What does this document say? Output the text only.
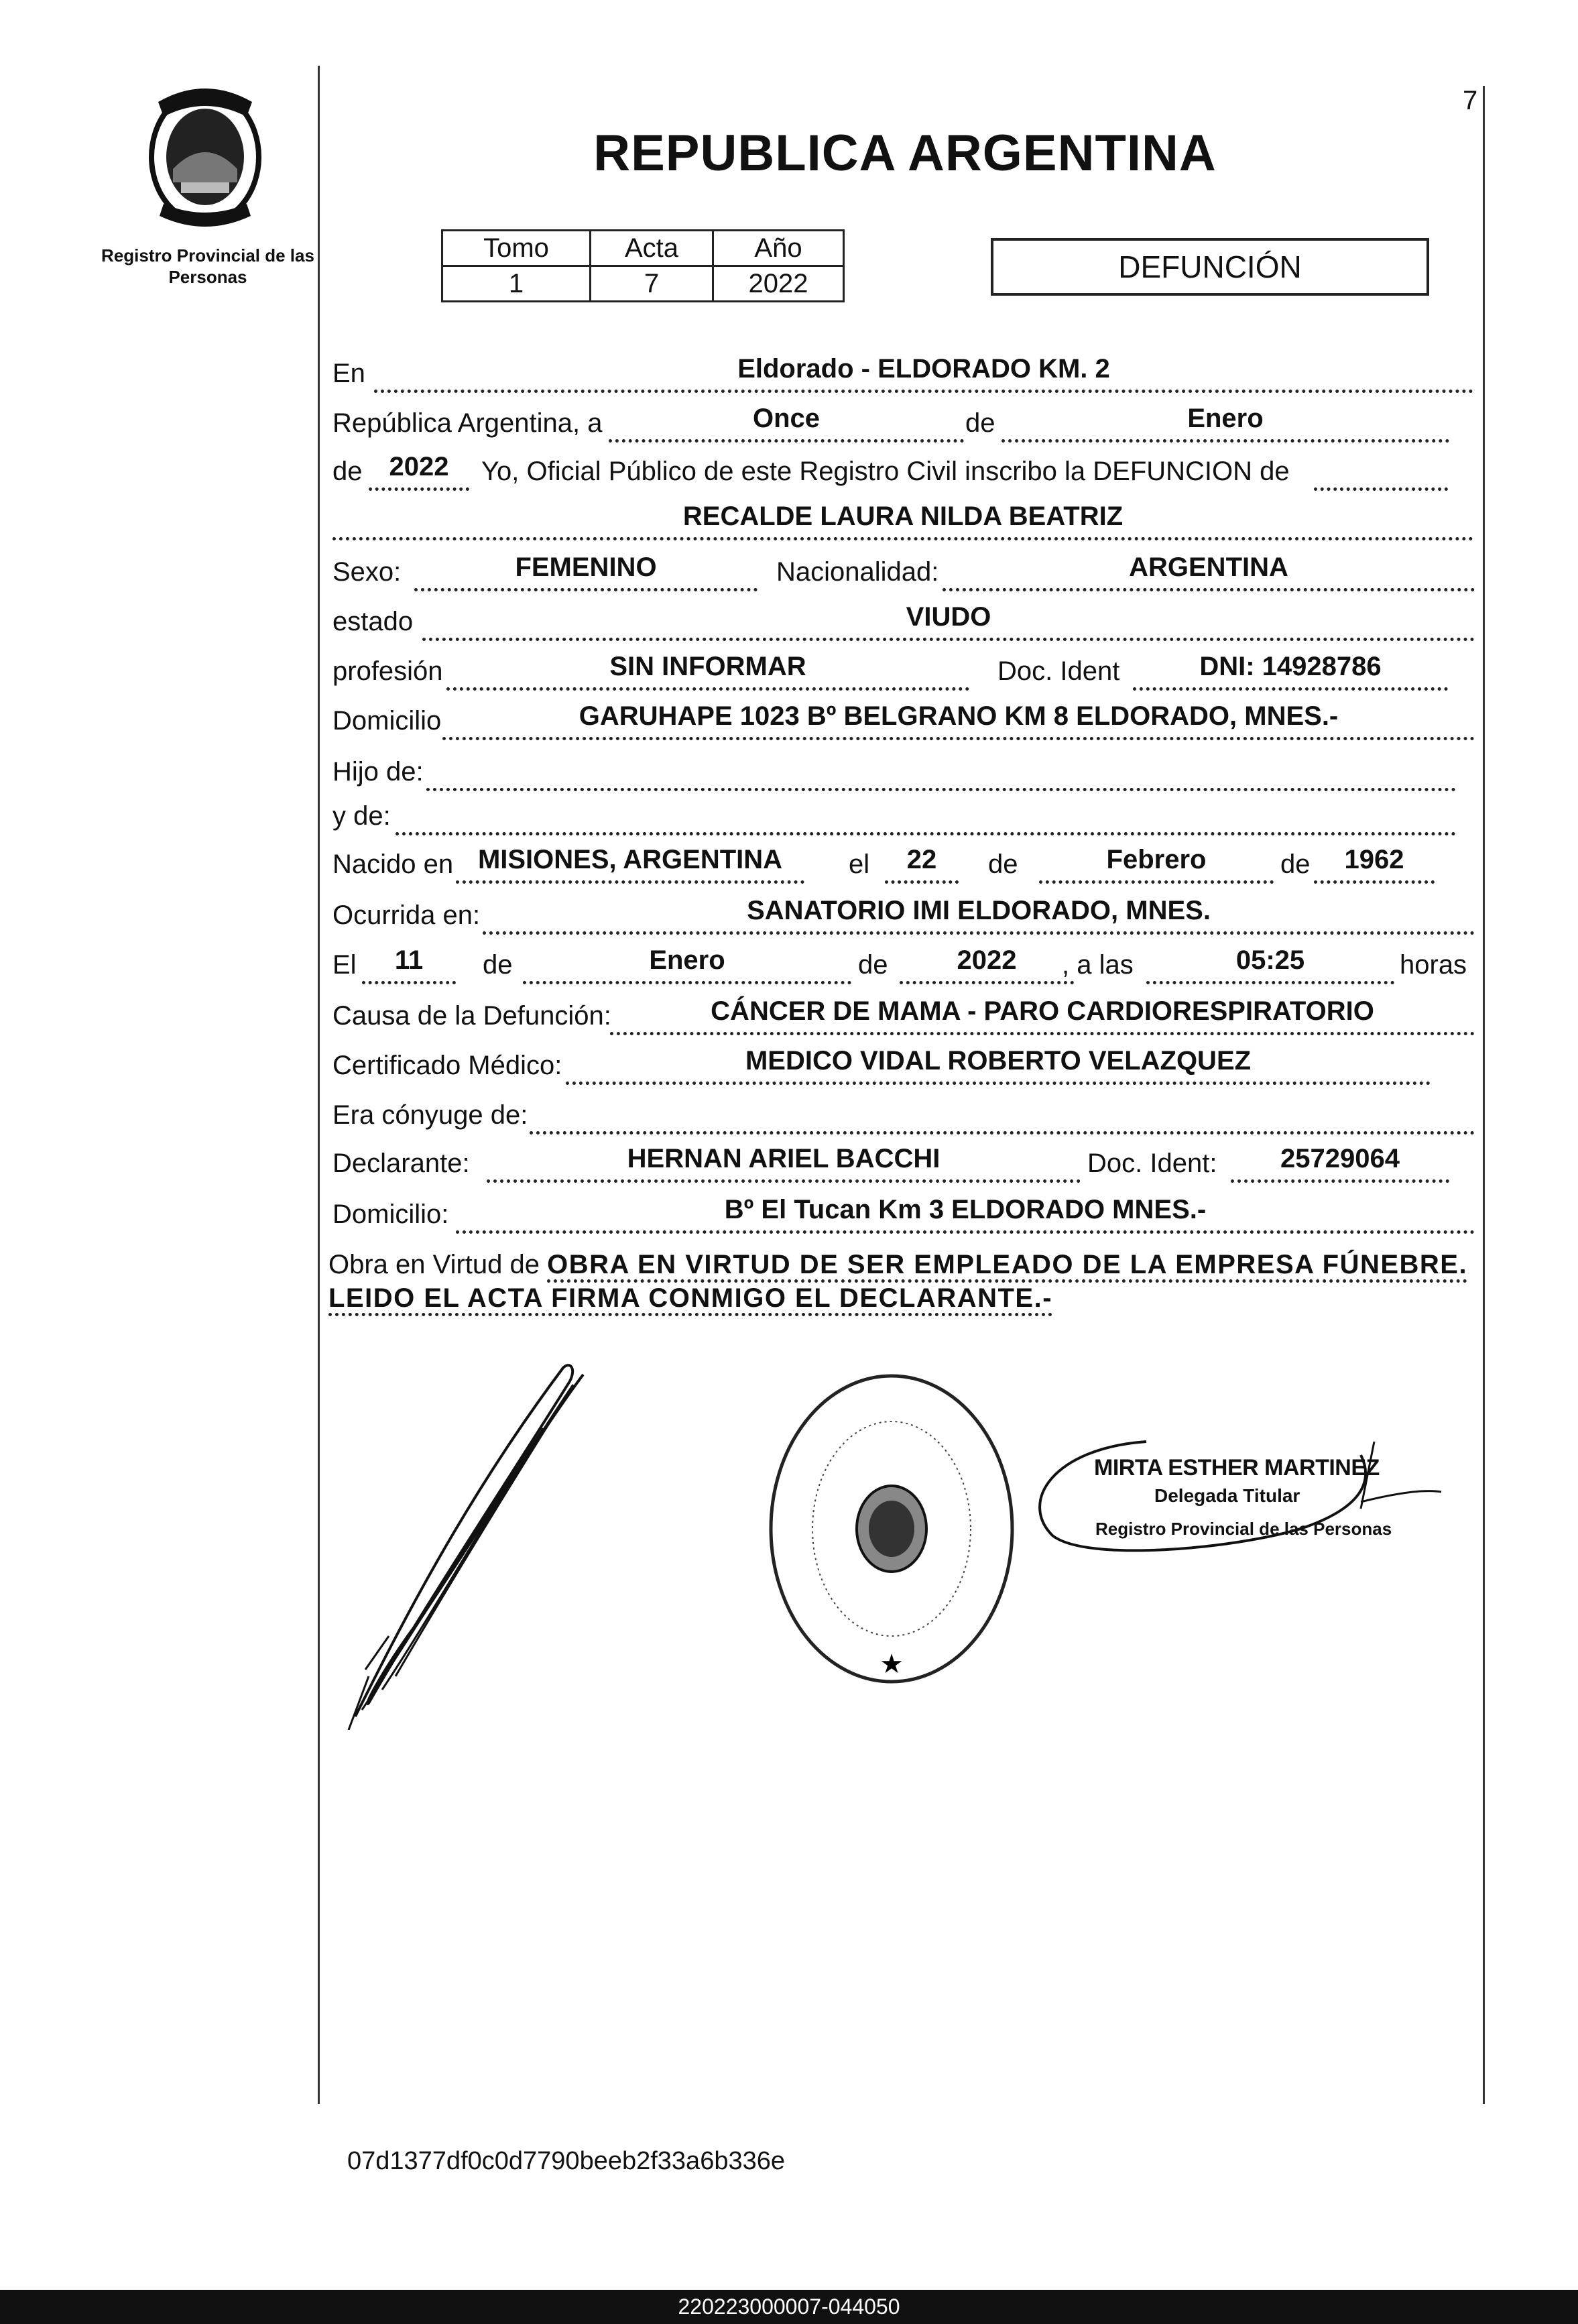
Registro Provincial de las Personas
7
REPUBLICA ARGENTINA
Tomo	Acta	Año
1	7	2022	DEFUNCIÓN
En	Eldorado - ELDORADO KM. 2
República Argentina, a	Once	de	Enero
de	2022	Yo, Oficial Público de este Registro Civil inscribo la DEFUNCION de
RECALDE LAURA NILDA BEATRIZ
Sexo:	FEMENINO	Nacionalidad:	ARGENTINA
estado	VIUDO
profesión	SIN INFORMAR	Doc. Ident	DNI: 14928786
Domicilio	GARUHAPE 1023 Bº BELGRANO KM 8 ELDORADO, MNES.-
Hijo de:
y de:
Nacido en MISIONES, ARGENTINA	el	22	de	Febrero	de	1962
Ocurrida en:	SANATORIO IMI ELDORADO, MNES.
El	11	de	Enero	de	2022	, a las	05:25	horas
Causa de la Defunción:	CÁNCER DE MAMA - PARO CARDIORESPIRATORIO
Certificado Médico:	MEDICO VIDAL ROBERTO VELAZQUEZ
Era cónyuge de:
Declarante:	HERNAN ARIEL BACCHI	Doc. Ident:	25729064
Domicilio:	Bº El Tucan Km 3 ELDORADO MNES.-
Obra en Virtud de OBRA EN VIRTUD DE SER EMPLEADO DE LA EMPRESA FÚNEBRE.
LEIDO EL ACTA FIRMA CONMIGO EL DECLARANTE.-
★
MIRTA ESTHER MARTINEZ
Delegada Titular
Registro Provincial de las Personas
07d1377df0c0d7790beeb2f33a6b336e
220223000007-044050
